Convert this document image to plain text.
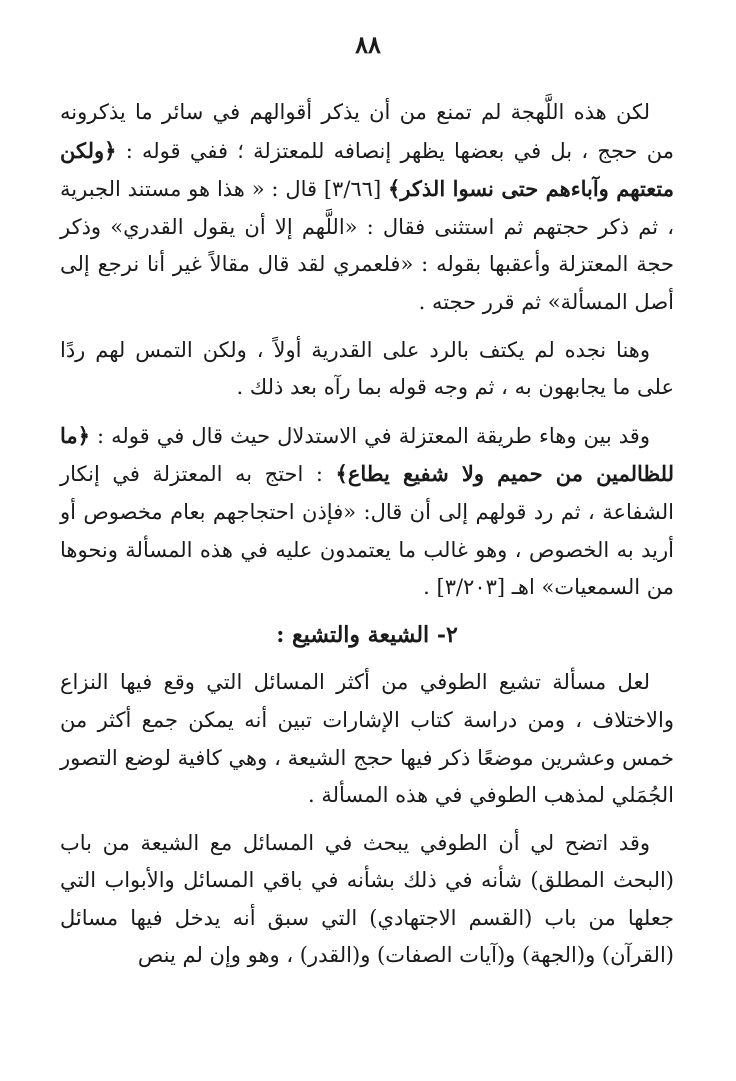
٨٨

لكن هذه اللَّهجة لم تمنع من أن يذكر أقوالهم في سائر ما يذكرونه من حجج ، بل في بعضها يظهر إنصافه للمعتزلة ؛ ففي قوله : ﴿ولكن متعتهم وآباءهم حتى نسوا الذكر﴾ [٣/٦٦] قال : « هذا هو مستند الجبرية ، ثم ذكر حجتهم ثم استثنى فقال : «اللَّهم إلا أن يقول القدري» وذكر حجة المعتزلة وأعقبها بقوله : «فلعمري لقد قال مقالاً غير أنا نرجع إلى أصل المسألة» ثم قرر حجته .

وهنا نجده لم يكتف بالرد على القدرية أولاً ، ولكن التمس لهم ردًا على ما يجابهون به ، ثم وجه قوله بما رآه بعد ذلك .

وقد بين وهاء طريقة المعتزلة في الاستدلال حيث قال في قوله : ﴿ما للظالمين من حميم ولا شفيع يطاع﴾ : احتج به المعتزلة في إنكار الشفاعة ، ثم رد قولهم إلى أن قال: «فإذن احتجاجهم بعام مخصوص أو أريد به الخصوص ، وهو غالب ما يعتمدون عليه في هذه المسألة ونحوها من السمعيات» اهـ [٣/٢٠٣] .

٢- الشيعة والتشيع :

لعل مسألة تشيع الطوفي من أكثر المسائل التي وقع فيها النزاع والاختلاف ، ومن دراسة كتاب الإشارات تبين أنه يمكن جمع أكثر من خمس وعشرين موضعًا ذكر فيها حجج الشيعة ، وهي كافية لوضع التصور الجُمَلي لمذهب الطوفي في هذه المسألة .

وقد اتضح لي أن الطوفي يبحث في المسائل مع الشيعة من باب (البحث المطلق) شأنه في ذلك بشأنه في باقي المسائل والأبواب التي جعلها من باب (القسم الاجتهادي) التي سبق أنه يدخل فيها مسائل (القرآن) و(الجهة) و(آيات الصفات) و(القدر) ، وهو وإن لم ينص
